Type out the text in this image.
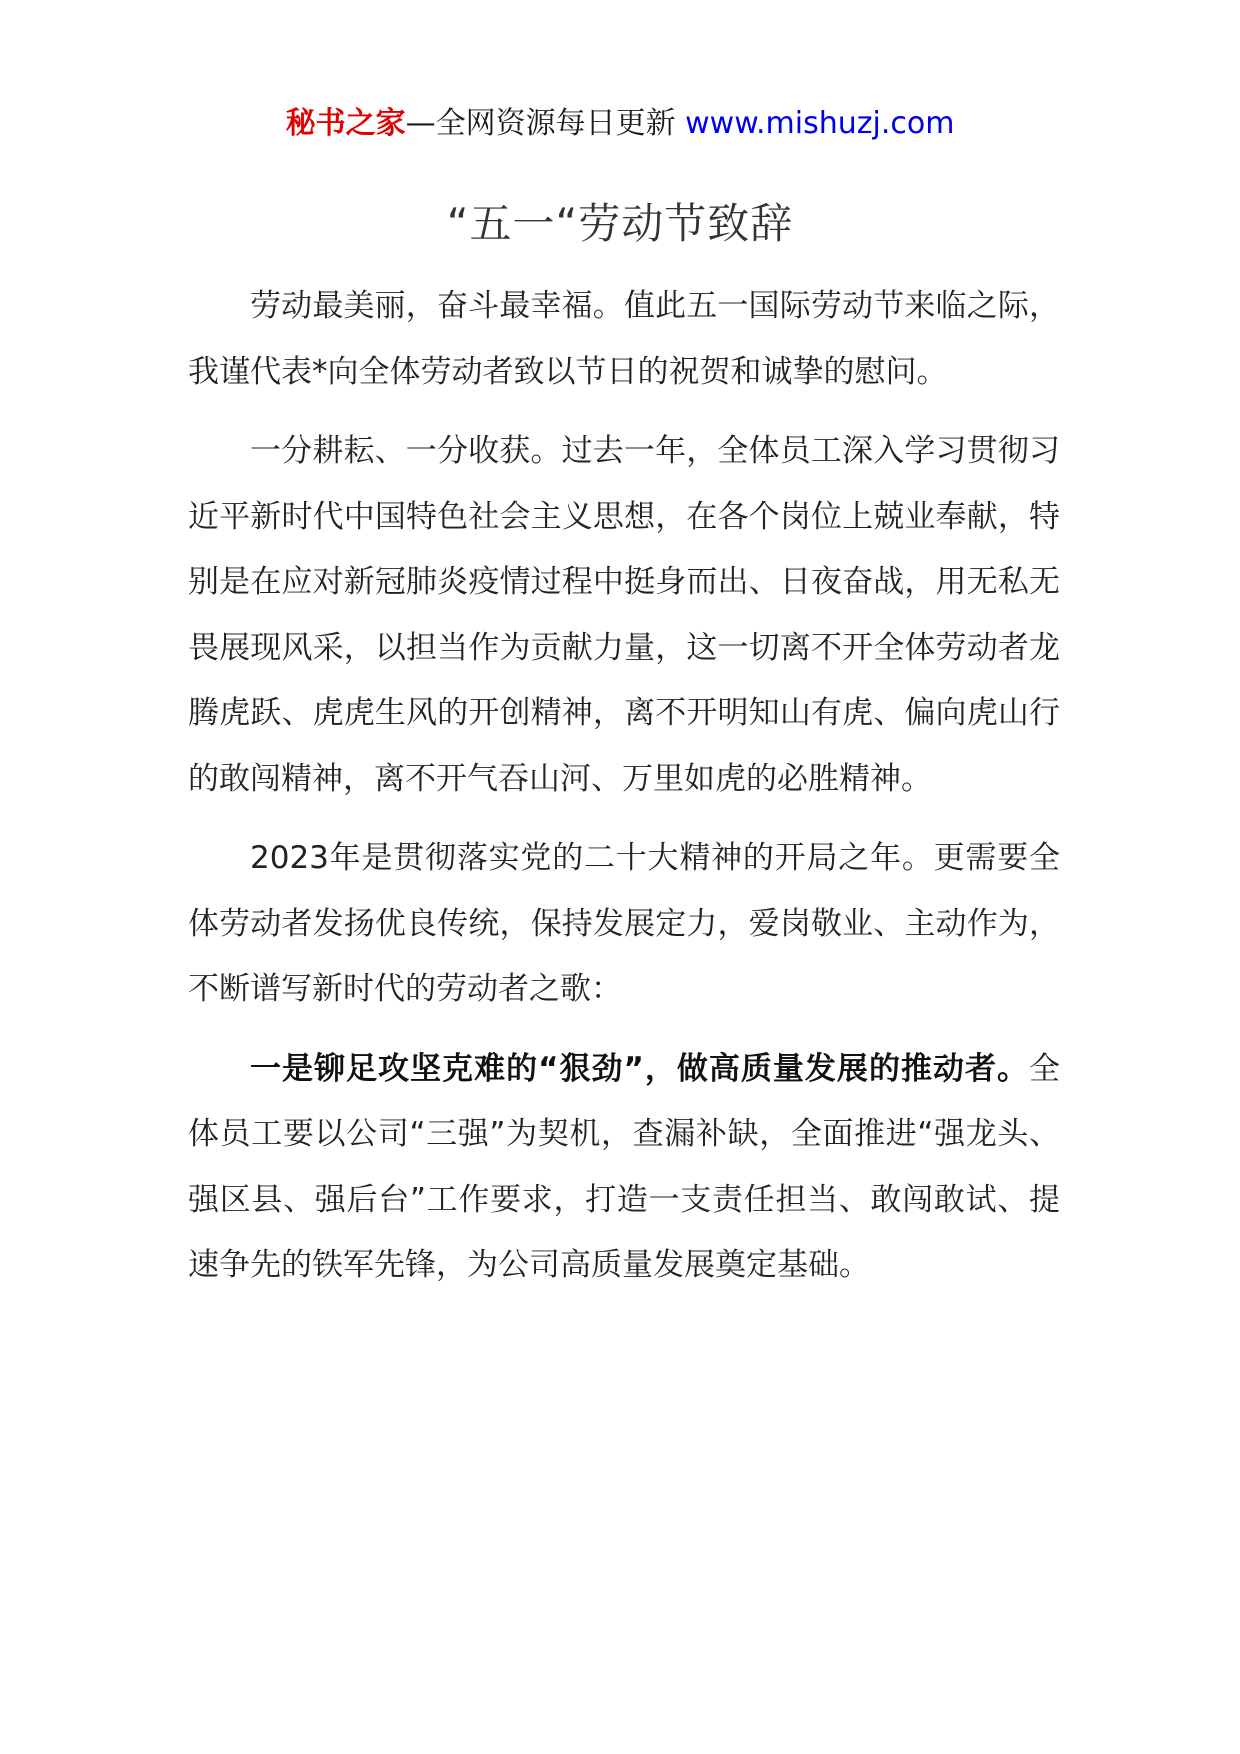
秘书之家—全网资源每日更新 www.mishuzj.com
“五一“劳动节致辞

劳动最美丽，奋斗最幸福。值此五一国际劳动节来临之际，我谨代表*向全体劳动者致以节日的祝贺和诚挚的慰问。

一分耕耘、一分收获。过去一年，全体员工深入学习贯彻习近平新时代中国特色社会主义思想，在各个岗位上兢业奉献，特别是在应对新冠肺炎疫情过程中挺身而出、日夜奋战，用无私无畏展现风采，以担当作为贡献力量，这一切离不开全体劳动者龙腾虎跃、虎虎生风的开创精神，离不开明知山有虎、偏向虎山行的敢闯精神，离不开气吞山河、万里如虎的必胜精神。

2023年是贯彻落实党的二十大精神的开局之年。更需要全体劳动者发扬优良传统，保持发展定力，爱岗敬业、主动作为，不断谱写新时代的劳动者之歌：

一是铆足攻坚克难的“狠劲”，做高质量发展的推动者。全体员工要以公司“三强”为契机，查漏补缺，全面推进“强龙头、强区县、强后台”工作要求，打造一支责任担当、敢闯敢试、提速争先的铁军先锋，为公司高质量发展奠定基础。
